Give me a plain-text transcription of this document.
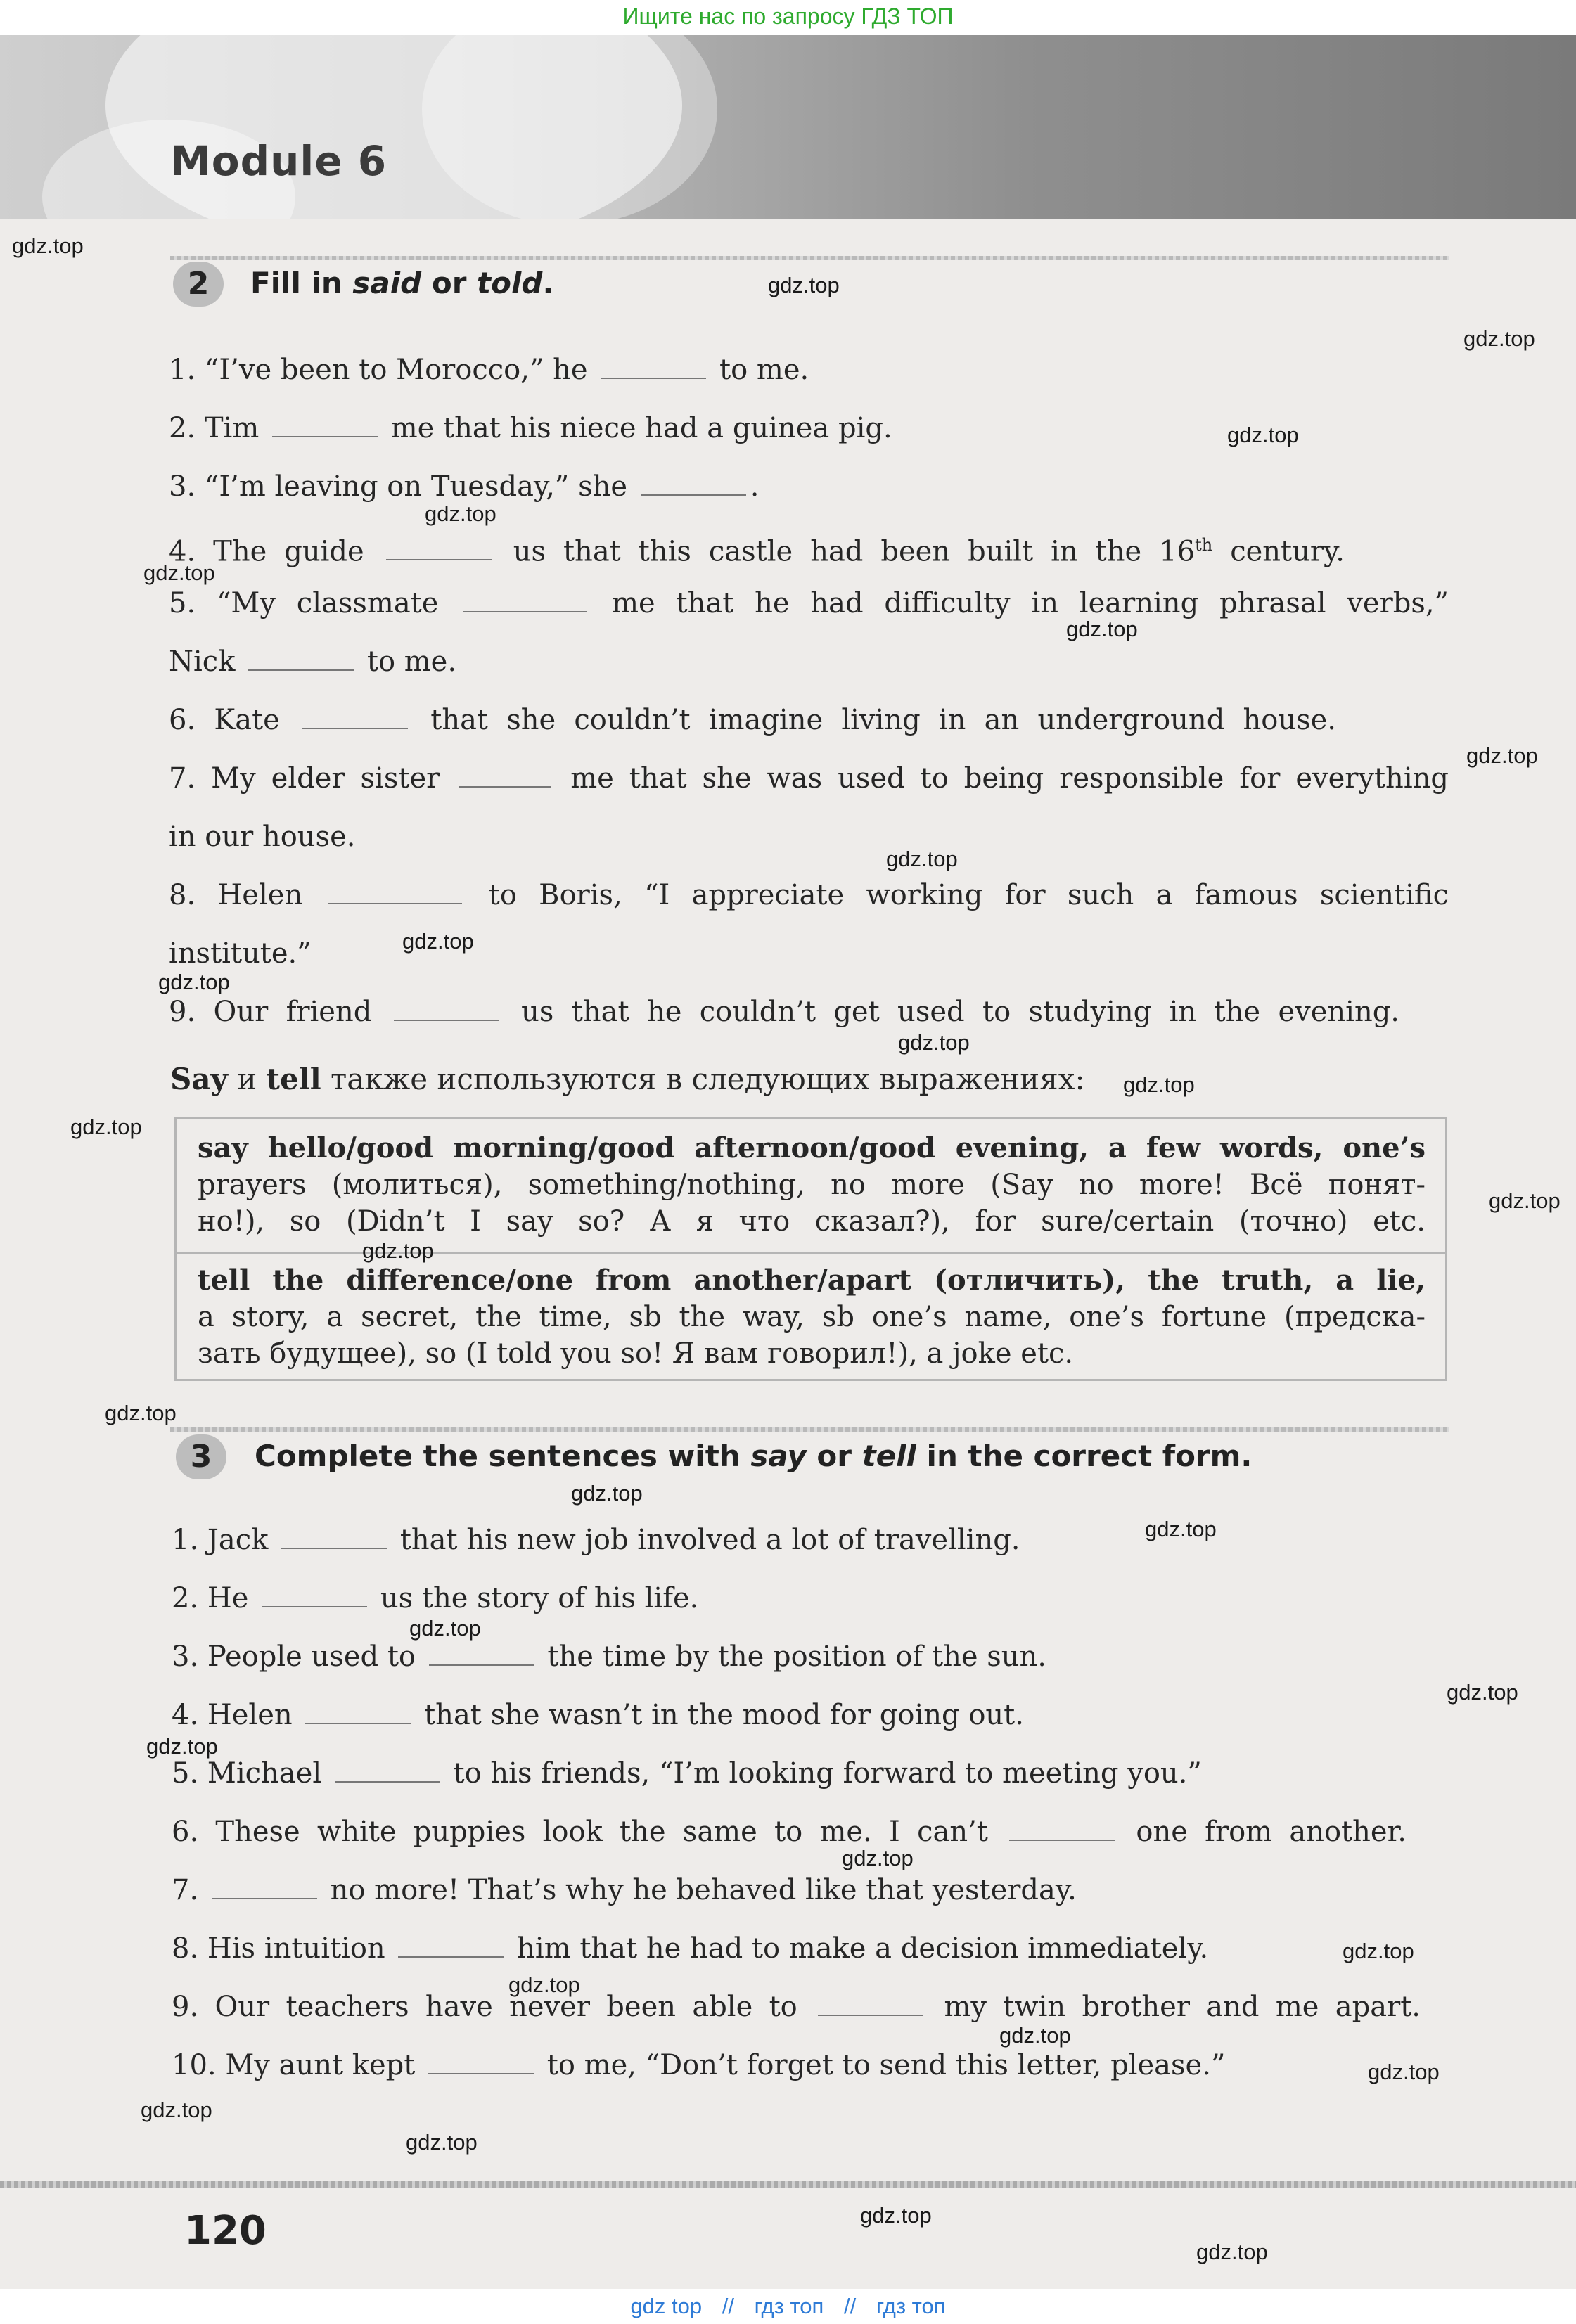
Ищите нас по запросу ГДЗ ТОП
Module 6
2	Fill in said or told.
1. “I’ve been to Morocco,” he	to me.
2. Tim	me that his niece had a guinea pig.
3. “I’m leaving on Tuesday,” she	.
4. The guide	us that this castle had been built in the 16th century.
5. “My classmate	me that he had difficulty in learning phrasal verbs,”
Nick	to me.
6. Kate	that she couldn’t imagine living in an underground house.
7. My elder sister	me that she was used to being responsible for everything
in our house.
8. Helen	to Boris, “I appreciate working for such a famous scientific
institute.”
9. Our friend	us that he couldn’t get used to studying in the evening.
Say и tell также используются в следующих выражениях:
say hello/good morning/good afternoon/good evening, a few words, one’s
prayers (молиться), something/nothing, no more (Say no more! Всё понят-
но!), so (Didn’t I say so? А я что сказал?), for sure/certain (точно) etc.
tell the difference/one from another/apart (отличить), the truth, a lie,
a story, a secret, the time, sb the way, sb one’s name, one’s fortune (предска-
зать будущее), so (I told you so! Я вам говорил!), a joke etc.
3	Complete the sentences with say or tell in the correct form.
1. Jack	that his new job involved a lot of travelling.
2. He	us the story of his life.
3. People used to	the time by the position of the sun.
4. Helen	that she wasn’t in the mood for going out.
5. Michael	to his friends, “I’m looking forward to meeting you.”
6. These white puppies look the same to me. I can’t	one from another.
7.	no more! That’s why he behaved like that yesterday.
8. His intuition	him that he had to make a decision immediately.
9. Our teachers have never been able to	my twin brother and me apart.
10. My aunt kept	to me, “Don’t forget to send this letter, please.”
gdz.top
gdz.top
gdz.top
gdz.top
gdz.top
gdz.top
gdz.top
gdz.top
gdz.top
gdz.top
gdz.top
gdz.top
gdz.top
gdz.top
gdz.top
gdz.top
gdz.top
gdz.top
gdz.top
gdz.top
gdz.top
gdz.top
gdz.top
gdz.top
gdz.top
gdz.top
gdz.top
gdz.top
gdz.top
gdz.top
gdz.top
120
gdz top // гдз топ // гдз топ
